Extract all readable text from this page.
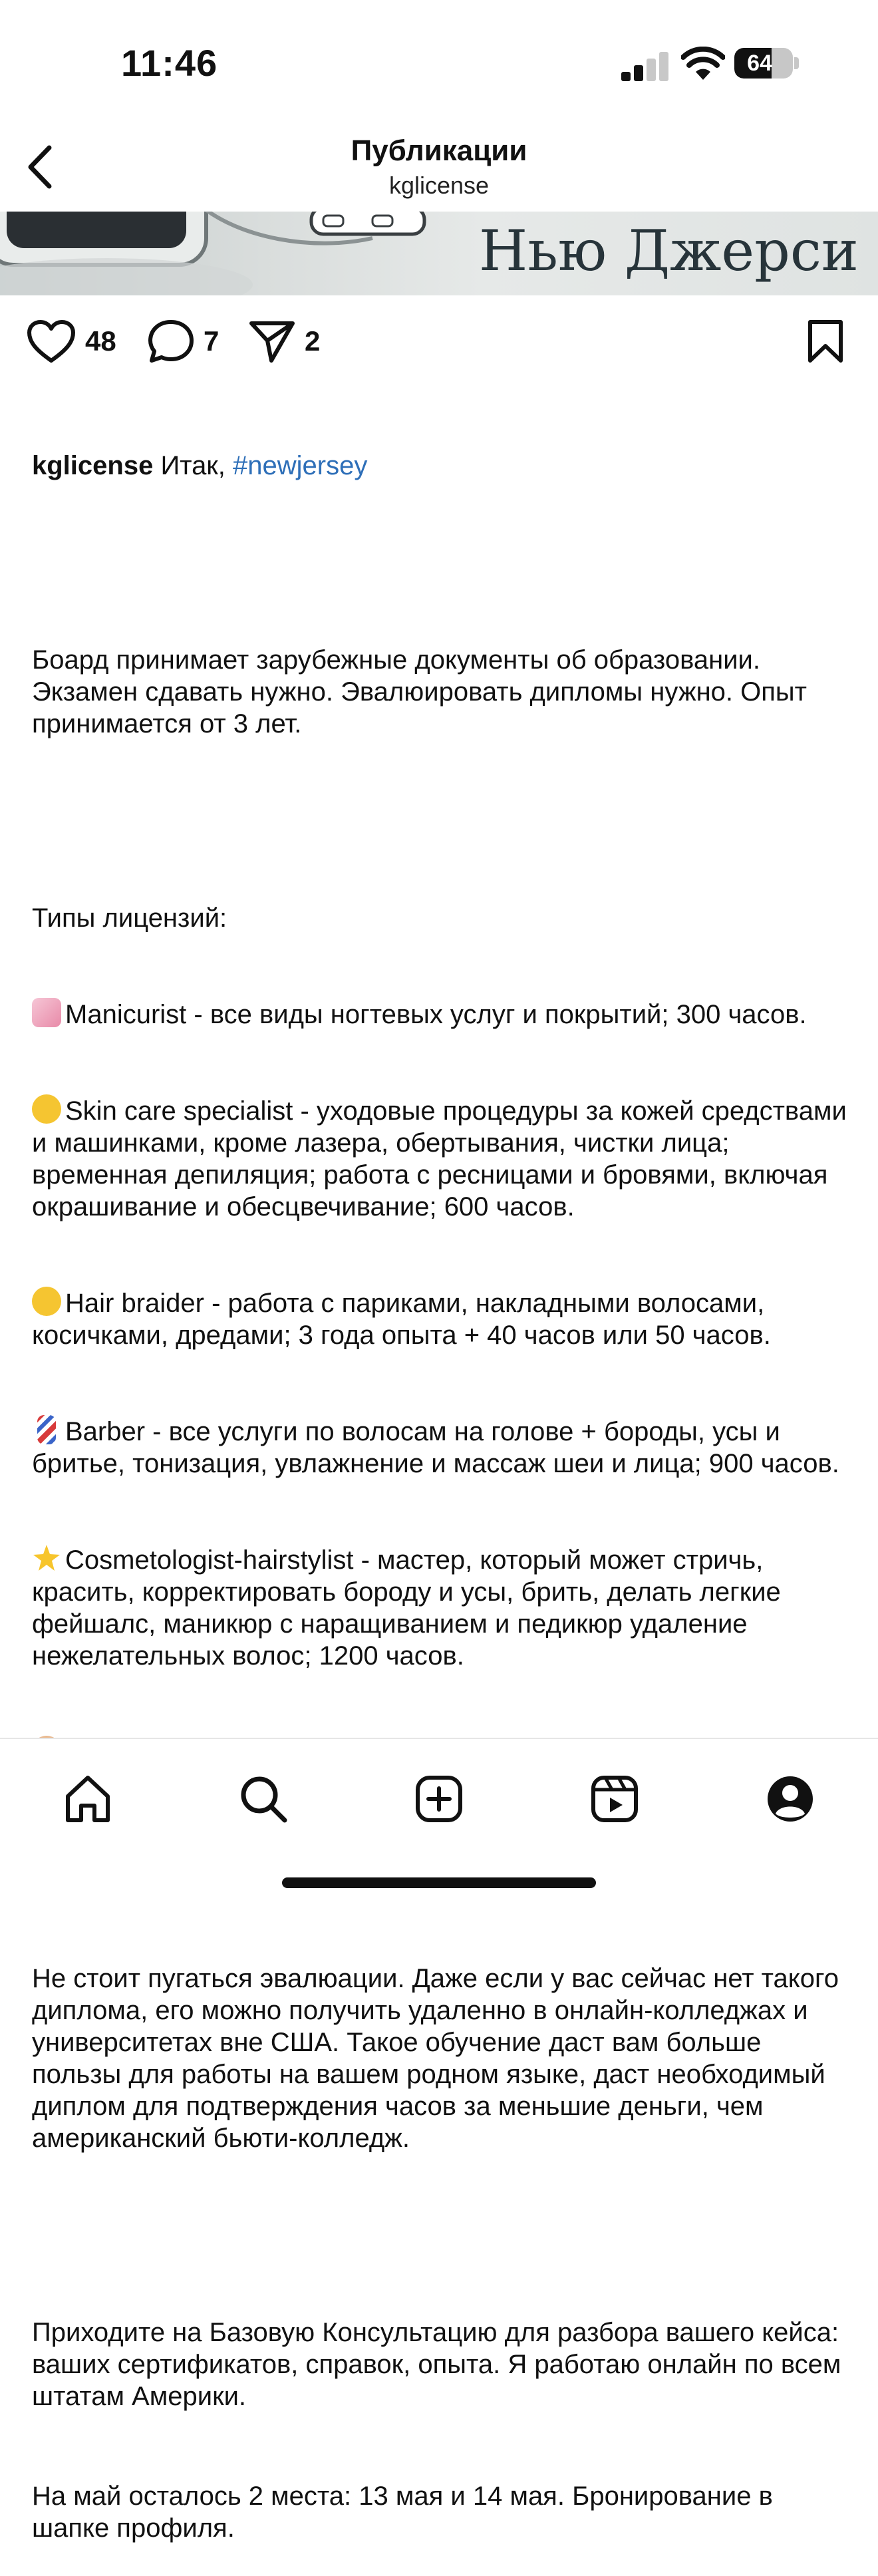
11:46	64
Публикации
kglicense
Нью Джерси
48	7	2

kglicense Итак, #newjersey

Боард принимает зарубежные документы об образовании. Экзамен сдавать нужно. Эвалюировать дипломы нужно. Опыт принимается от 3 лет.

Типы лицензий:

Manicurist - все виды ногтевых услуг и покрытий; 300 часов.

Skin care specialist - уходовые процедуры за кожей средствами и машинками, кроме лазера, обертывания, чистки лица; временная депиляция; работа с ресницами и бровями, включая окрашивание и обесцвечивание; 600 часов.

Hair braider - работа с париками, накладными волосами, косичками, дредами; 3 года опыта + 40 часов или 50 часов.

Barber - все услуги по волосам на голове + бороды, усы и бритье, тонизация, увлажнение и массаж шеи и лица; 900 часов.

Cosmetologist-hairstylist - мастер, который может стричь, красить, корректировать бороду и усы, брить, делать легкие фейшалс, маникюр с наращиванием и педикюр удаление нежелательных волос; 1200 часов.

Не стоит пугаться эвалюации. Даже если у вас сейчас нет такого диплома, его можно получить удаленно в онлайн-колледжах и университетах вне США. Такое обучение даст вам больше пользы для работы на вашем родном языке, даст необходимый диплом для подтверждения часов за меньшие деньги, чем американский бьюти-колледж.

Приходите на Базовую Консультацию для разбора вашего кейса: ваших сертификатов, справок, опыта. Я работаю онлайн по всем штатам Америки.

На май осталось 2 места: 13 мая и 14 мая. Бронирование в шапке профиля.
